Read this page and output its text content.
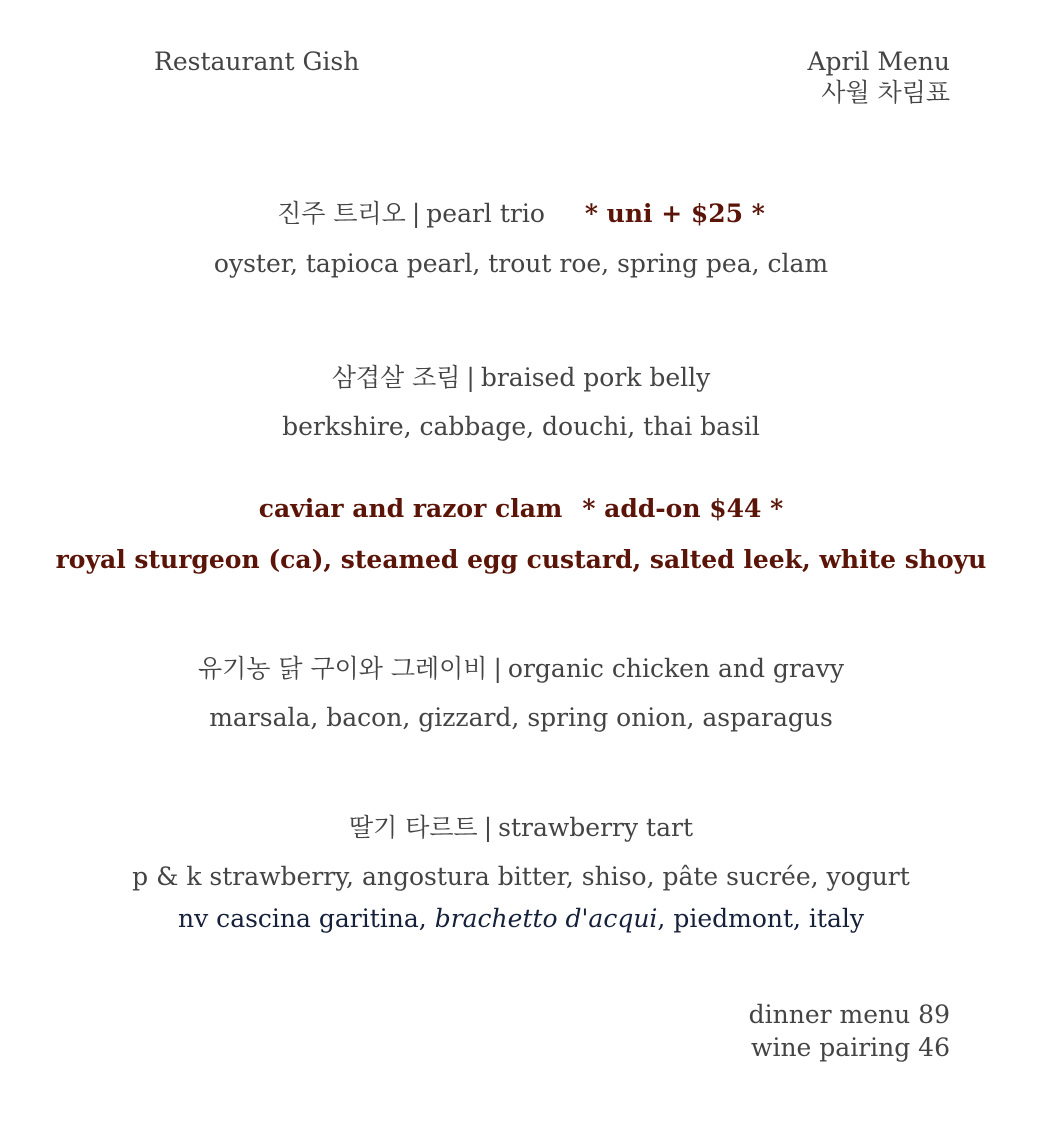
Restaurant Gish	April Menu
사월 차림표
진주 트리오 | pearl trio * uni + $25 *
oyster, tapioca pearl, trout roe, spring pea, clam
삼겹살 조림 | braised pork belly
berkshire, cabbage, douchi, thai basil
caviar and razor clam * add-on $44 *
royal sturgeon (ca), steamed egg custard, salted leek, white shoyu
유기농 닭 구이와 그레이비 | organic chicken and gravy
marsala, bacon, gizzard, spring onion, asparagus
딸기 타르트 | strawberry tart
p & k strawberry, angostura bitter, shiso, pâte sucrée, yogurt
nv cascina garitina, brachetto d'acqui, piedmont, italy
dinner menu 89
wine pairing 46
